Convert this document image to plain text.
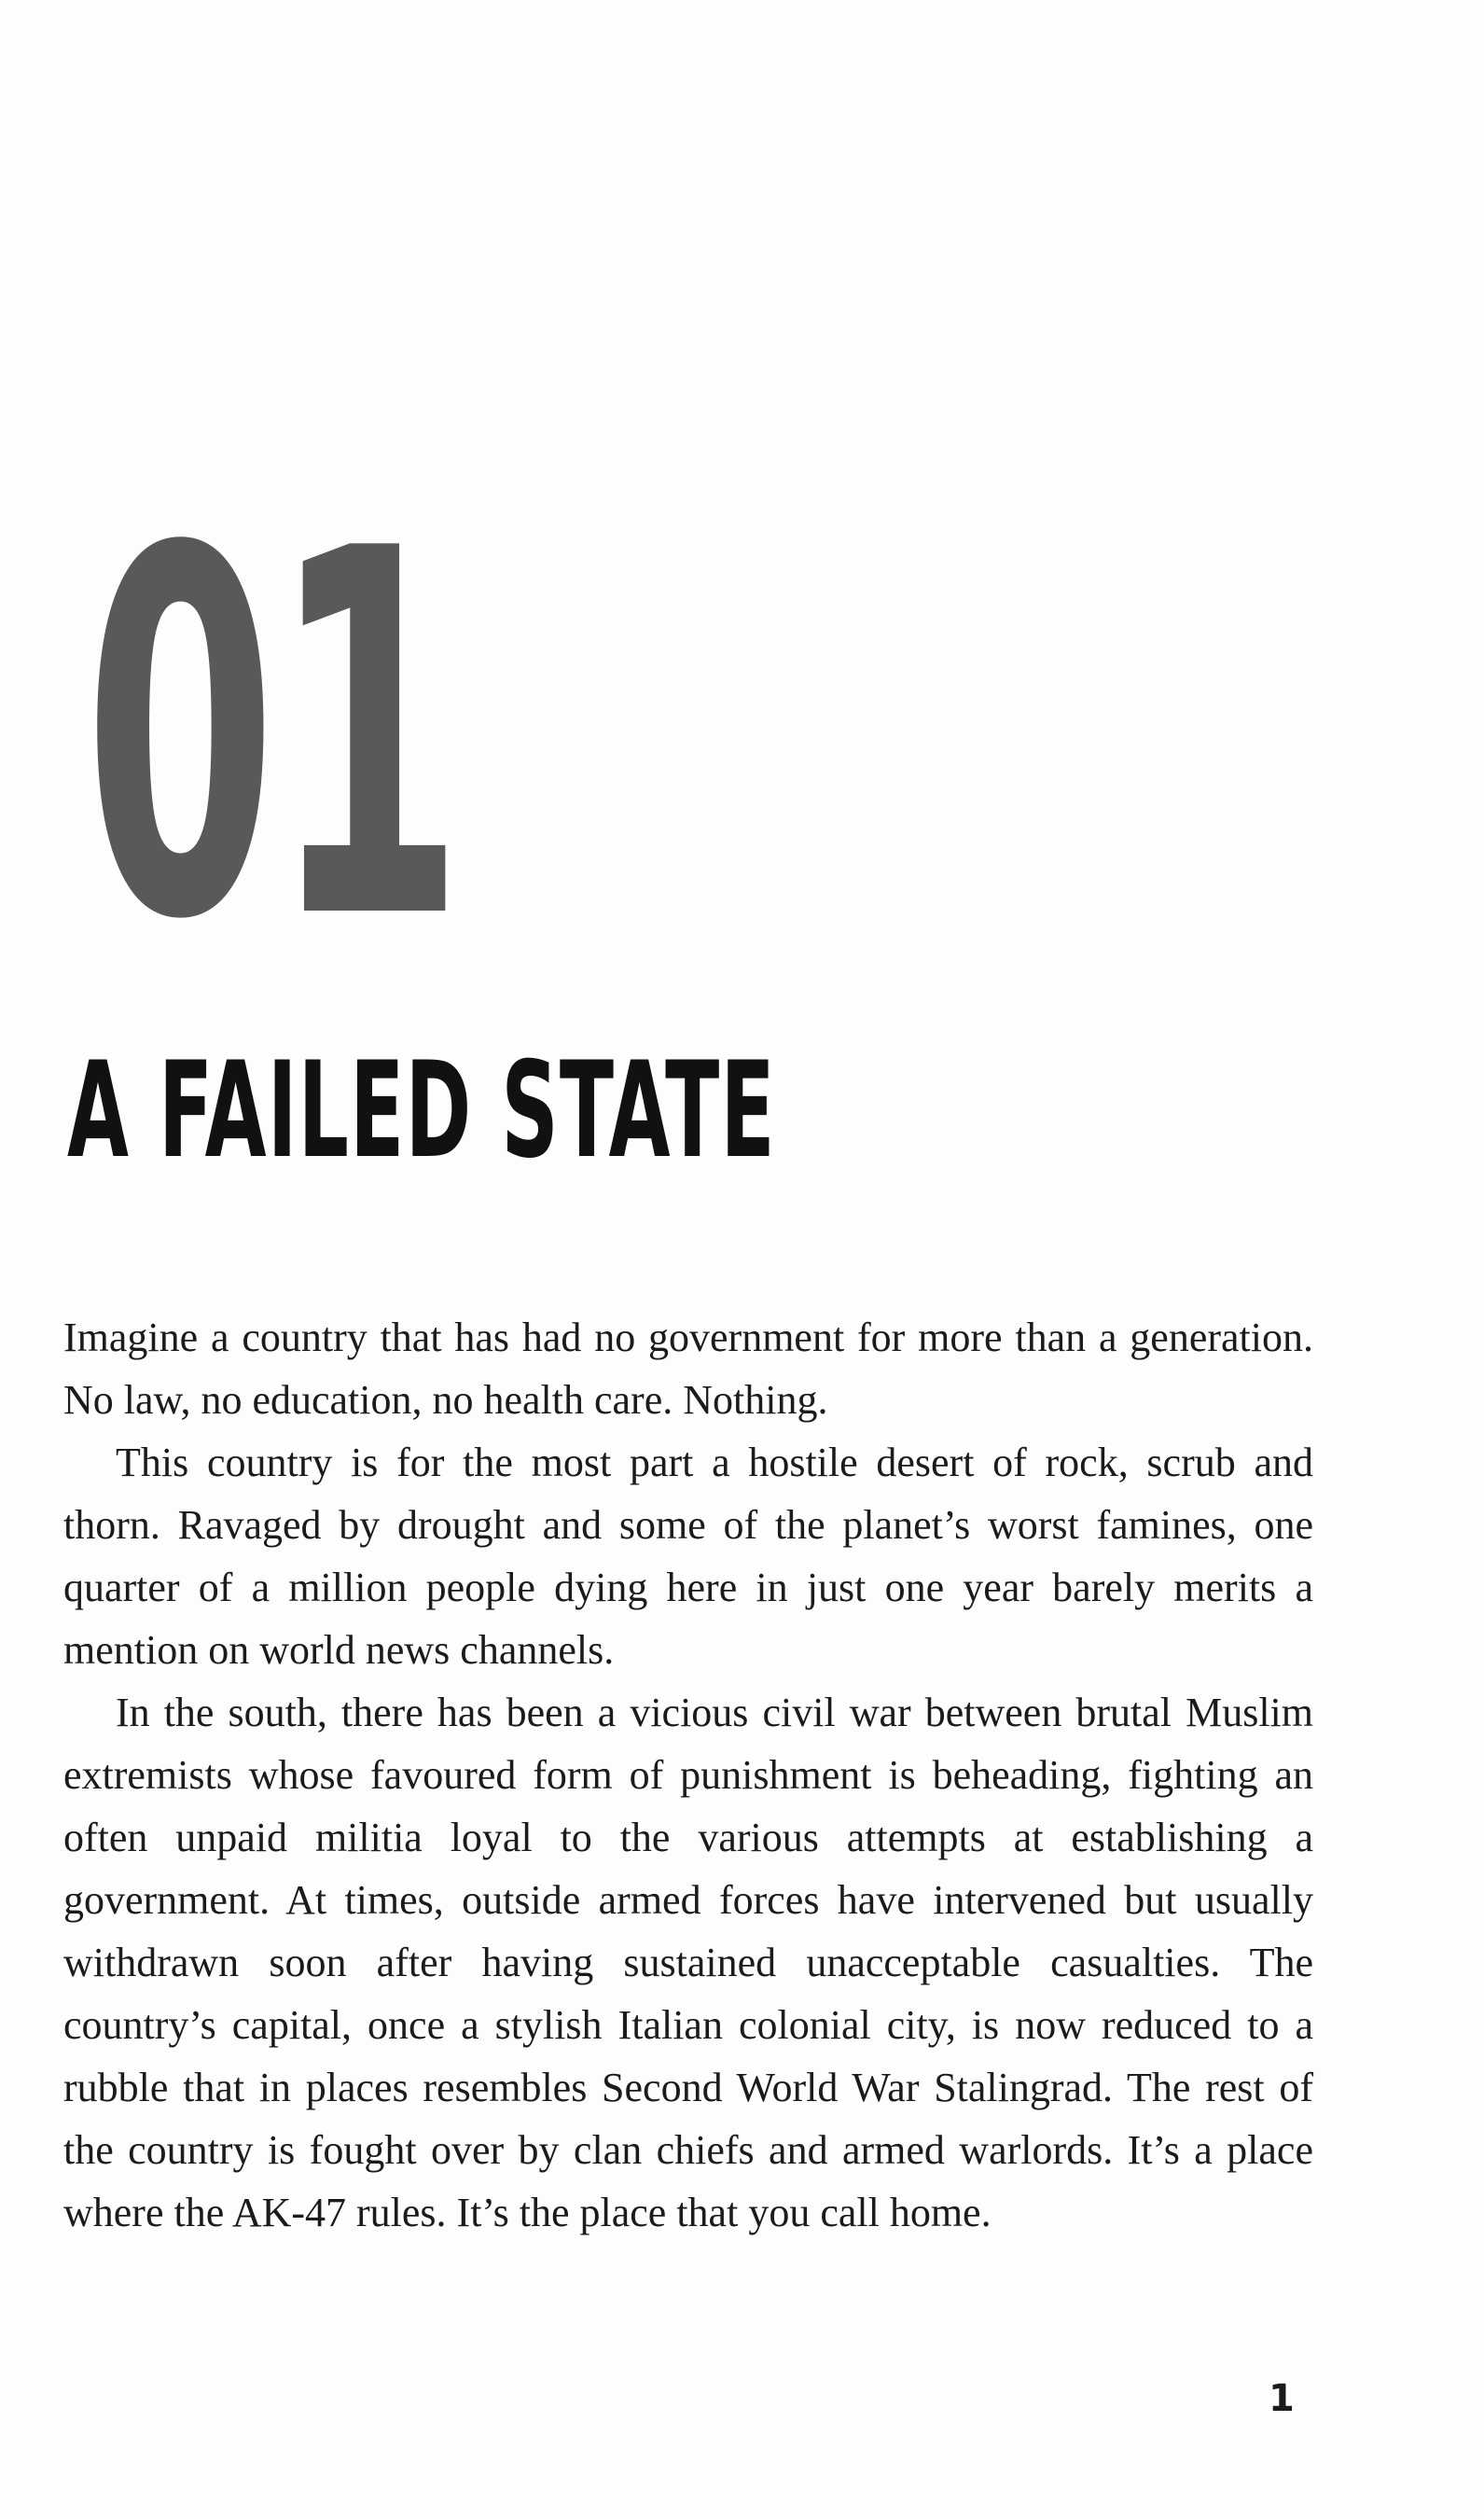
01
A FAILED STATE

Imagine a country that has had no government for more than a generation. No law, no education, no health care. Nothing.

This country is for the most part a hostile desert of rock, scrub and thorn. Ravaged by drought and some of the planet’s worst famines, one quarter of a million people dying here in just one year barely merits a mention on world news channels.

In the south, there has been a vicious civil war between brutal Muslim extremists whose favoured form of punishment is beheading, fighting an often unpaid militia loyal to the various attempts at establishing a government. At times, outside armed forces have intervened but usually withdrawn soon after having sustained unacceptable casualties. The country’s capital, once a stylish Italian colonial city, is now reduced to a rubble that in places resembles Second World War Stalingrad. The rest of the country is fought over by clan chiefs and armed warlords. It’s a place where the AK-47 rules. It’s the place that you call home.

1
